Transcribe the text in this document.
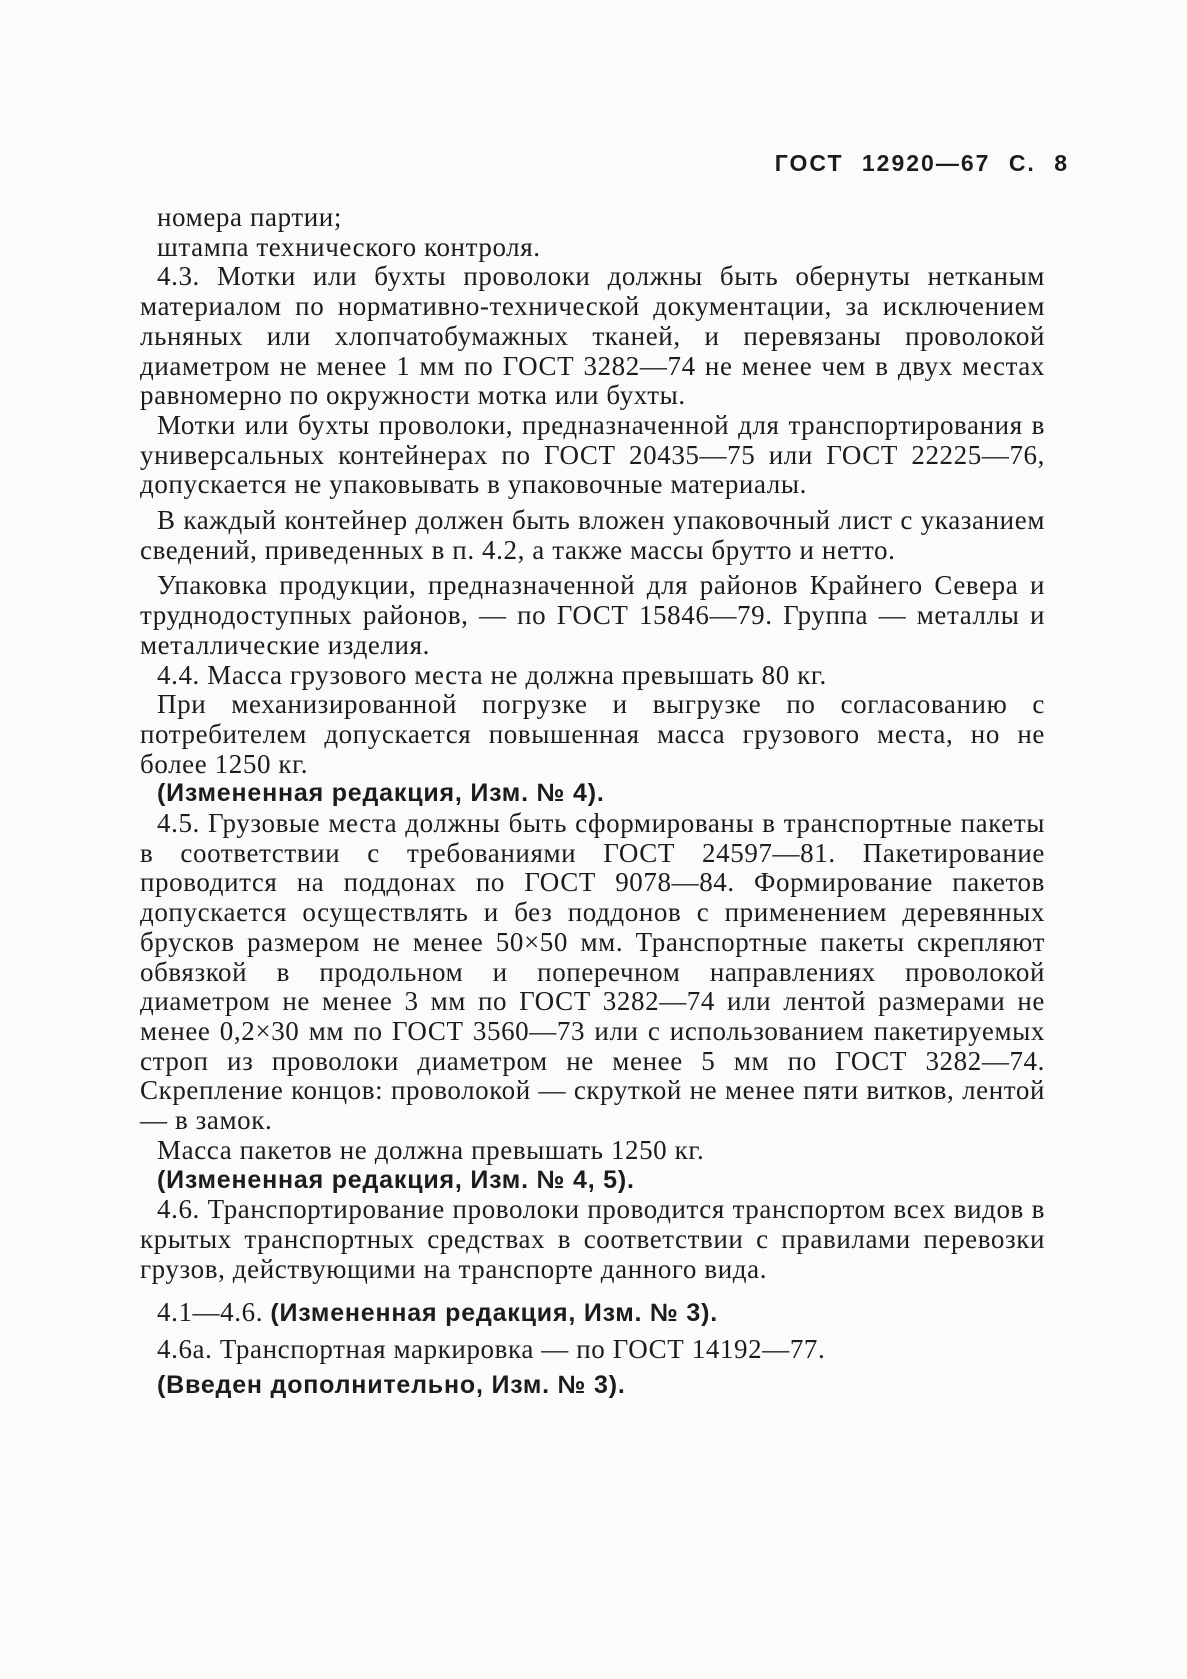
ГОСТ 12920—67 С. 8

номера партии;

штампа технического контроля.

4.3. Мотки или бухты проволоки должны быть обернуты нетканым материалом по нормативно-технической документации, за исключением льняных или хлопчатобумажных тканей, и перевязаны проволокой диаметром не менее 1 мм по ГОСТ 3282—74 не менее чем в двух местах равномерно по окружности мотка или бухты.

Мотки или бухты проволоки, предназначенной для транспортирования в универсальных контейнерах по ГОСТ 20435—75 или ГОСТ 22225—76, допускается не упаковывать в упаковочные материалы.

В каждый контейнер должен быть вложен упаковочный лист с указанием сведений, приведенных в п. 4.2, а также массы брутто и нетто.

Упаковка продукции, предназначенной для районов Крайнего Севера и труднодоступных районов, — по ГОСТ 15846—79. Группа — металлы и металлические изделия.

4.4. Масса грузового места не должна превышать 80 кг.

При механизированной погрузке и выгрузке по согласованию с потребителем допускается повышенная масса грузового места, но не более 1250 кг.

(Измененная редакция, Изм. № 4).

4.5. Грузовые места должны быть сформированы в транспортные пакеты в соответствии с требованиями ГОСТ 24597—81. Пакетирование проводится на поддонах по ГОСТ 9078—84. Формирование пакетов допускается осуществлять и без поддонов с применением деревянных брусков размером не менее 50×50 мм. Транспортные пакеты скрепляют обвязкой в продольном и поперечном направлениях проволокой диаметром не менее 3 мм по ГОСТ 3282—74 или лентой размерами не менее 0,2×30 мм по ГОСТ 3560—73 или с использованием пакетируемых строп из проволоки диаметром не менее 5 мм по ГОСТ 3282—74. Скрепление концов: проволокой — скруткой не менее пяти витков, лентой — в замок.

Масса пакетов не должна превышать 1250 кг.

(Измененная редакция, Изм. № 4, 5).

4.6. Транспортирование проволоки проводится транспортом всех видов в крытых транспортных средствах в соответствии с правилами перевозки грузов, действующими на транспорте данного вида.

4.1—4.6. (Измененная редакция, Изм. № 3).

4.6а. Транспортная маркировка — по ГОСТ 14192—77.

(Введен дополнительно, Изм. № 3).
